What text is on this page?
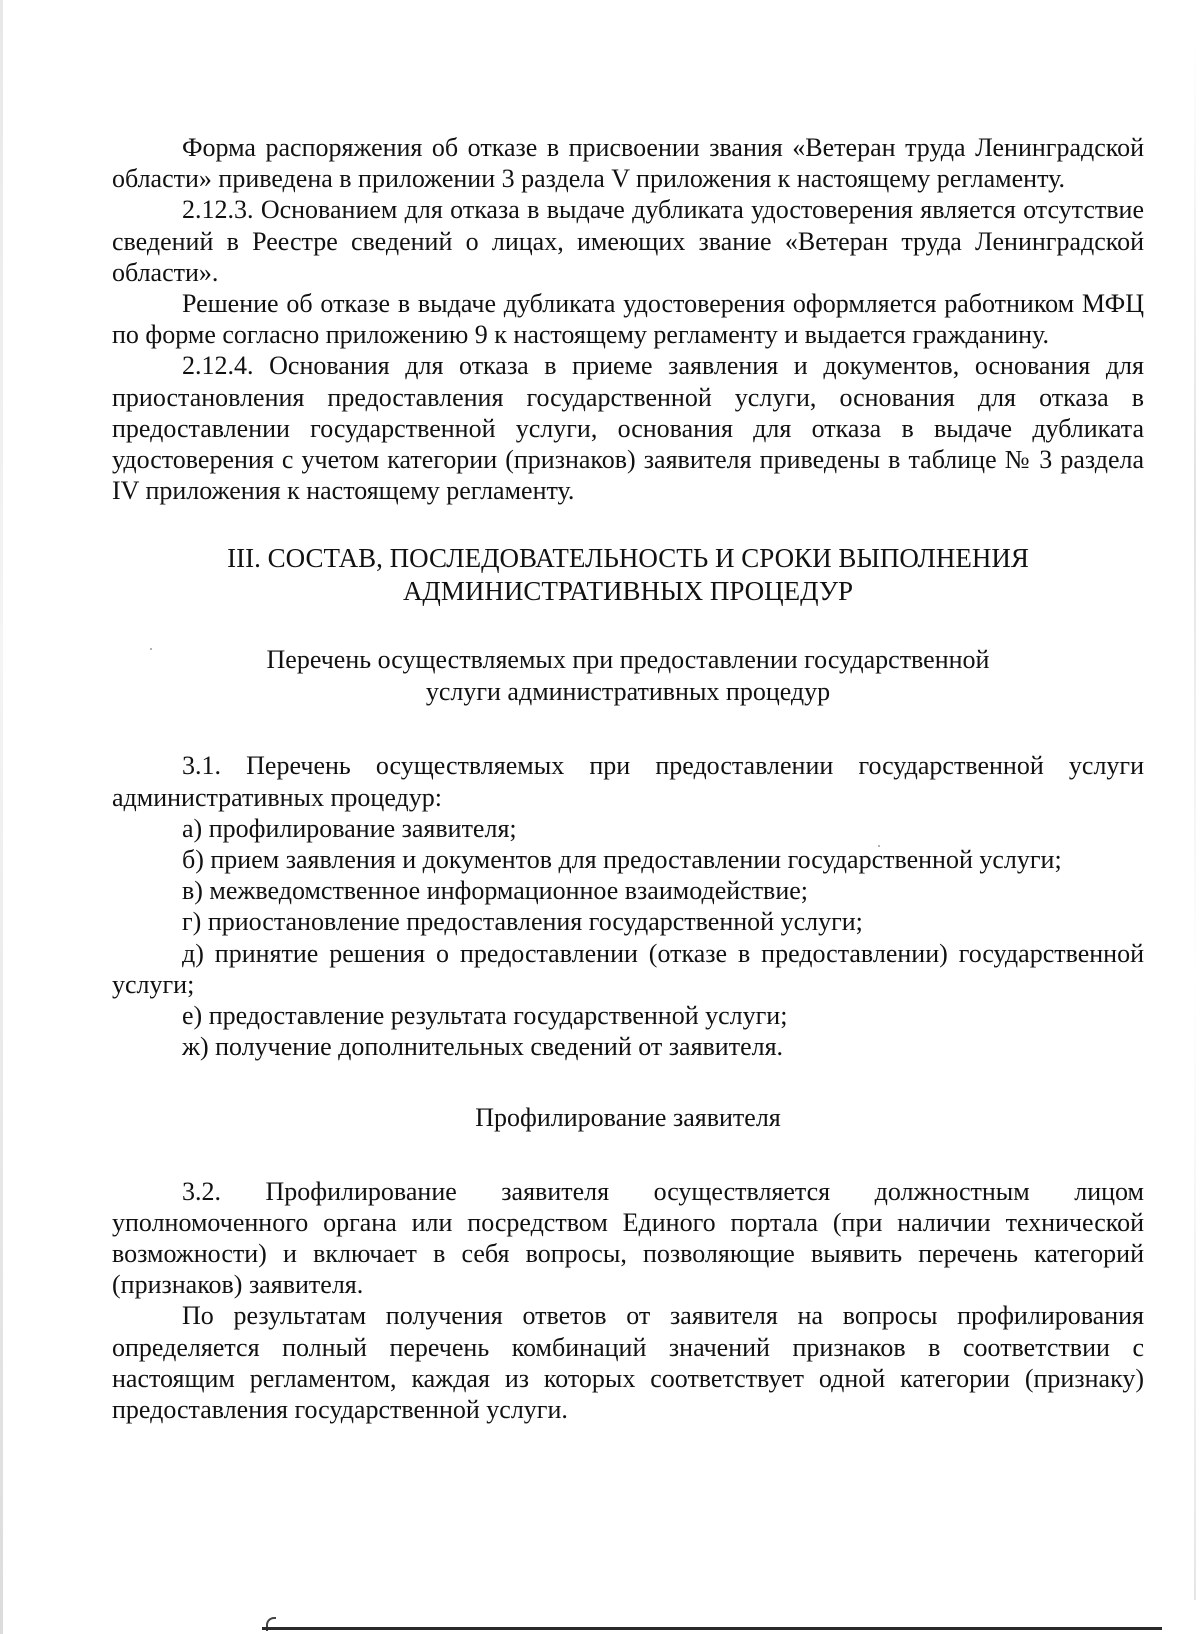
Форма распоряжения об отказе в присвоении звания «Ветеран труда Ленинградской области» приведена в приложении 3 раздела V приложения к настоящему регламенту.

2.12.3. Основанием для отказа в выдаче дубликата удостоверения является отсутствие сведений в Реестре сведений о лицах, имеющих звание «Ветеран труда Ленинградской области».

Решение об отказе в выдаче дубликата удостоверения оформляется работником МФЦ по форме согласно приложению 9 к настоящему регламенту и выдается гражданину.

2.12.4. Основания для отказа в приеме заявления и документов, основания для приостановления предоставления государственной услуги, основания для отказа в предоставлении государственной услуги, основания для отказа в выдаче дубликата удостоверения с учетом категории (признаков) заявителя приведены в таблице № 3 раздела IV приложения к настоящему регламенту.

III. СОСТАВ, ПОСЛЕДОВАТЕЛЬНОСТЬ И СРОКИ ВЫПОЛНЕНИЯ
АДМИНИСТРАТИВНЫХ ПРОЦЕДУР
Перечень осуществляемых при предоставлении государственной
услуги административных процедур

3.1. Перечень осуществляемых при предоставлении государственной услуги административных процедур:

а) профилирование заявителя;

б) прием заявления и документов для предоставлении государственной услуги;

в) межведомственное информационное взаимодействие;

г) приостановление предоставления государственной услуги;

д) принятие решения о предоставлении (отказе в предоставлении) государственной услуги;

е) предоставление результата государственной услуги;

ж) получение дополнительных сведений от заявителя.

Профилирование заявителя

3.2. Профилирование заявителя осуществляется должностным лицом уполномоченного органа или посредством Единого портала (при наличии технической возможности) и включает в себя вопросы, позволяющие выявить перечень категорий (признаков) заявителя.

По результатам получения ответов от заявителя на вопросы профилирования определяется полный перечень комбинаций значений признаков в соответствии с настоящим регламентом, каждая из которых соответствует одной категории (признаку) предоставления государственной услуги.
